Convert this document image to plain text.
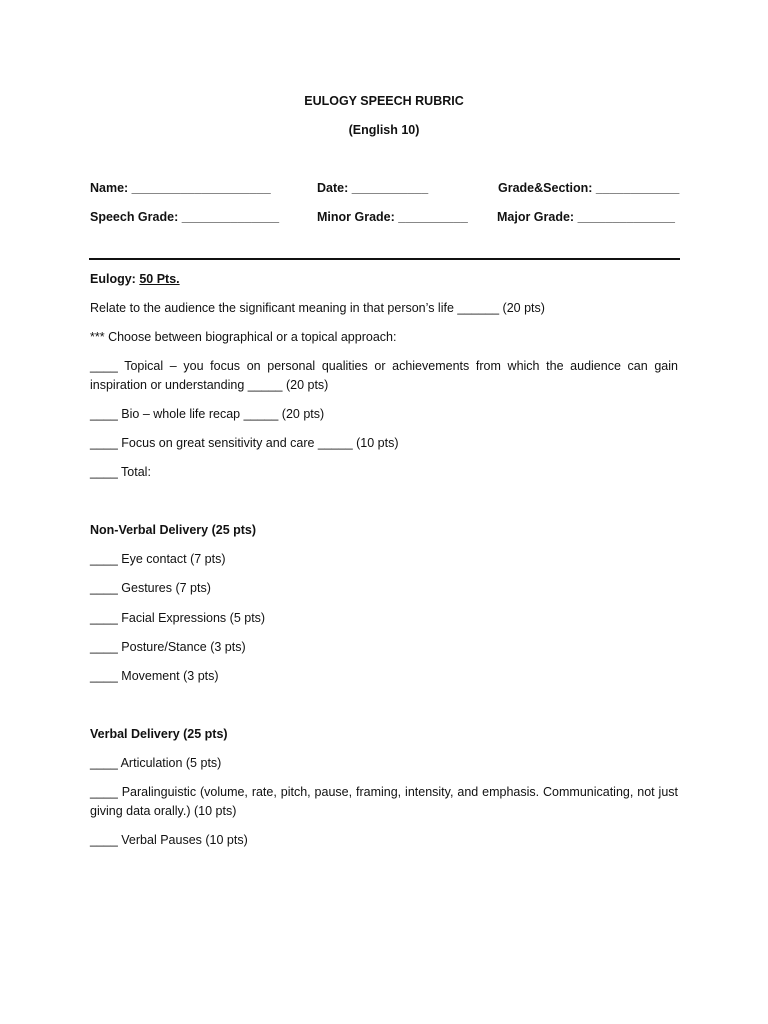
EULOGY SPEECH RUBRIC
(English 10)
Name: ____________________	Date: ___________	Grade&Section: ____________
Speech Grade: ______________	Minor Grade: __________ Major Grade: ______________
Eulogy: 50 Pts.
Relate to the audience the significant meaning in that person’s life ______ (20 pts)
*** Choose between biographical or a topical approach:
____ Topical – you focus on personal qualities or achievements from which the audience can gain inspiration or understanding _____ (20 pts)
____ Bio – whole life recap _____ (20 pts)
____ Focus on great sensitivity and care _____ (10 pts)
____ Total:
Non-Verbal Delivery (25 pts)
____ Eye contact (7 pts)
____ Gestures (7 pts)
____ Facial Expressions (5 pts)
____ Posture/Stance (3 pts)
____ Movement (3 pts)
Verbal Delivery (25 pts)
____ Articulation (5 pts)
____ Paralinguistic (volume, rate, pitch, pause, framing, intensity, and emphasis. Communicating, not just giving data orally.) (10 pts)
____ Verbal Pauses (10 pts)
